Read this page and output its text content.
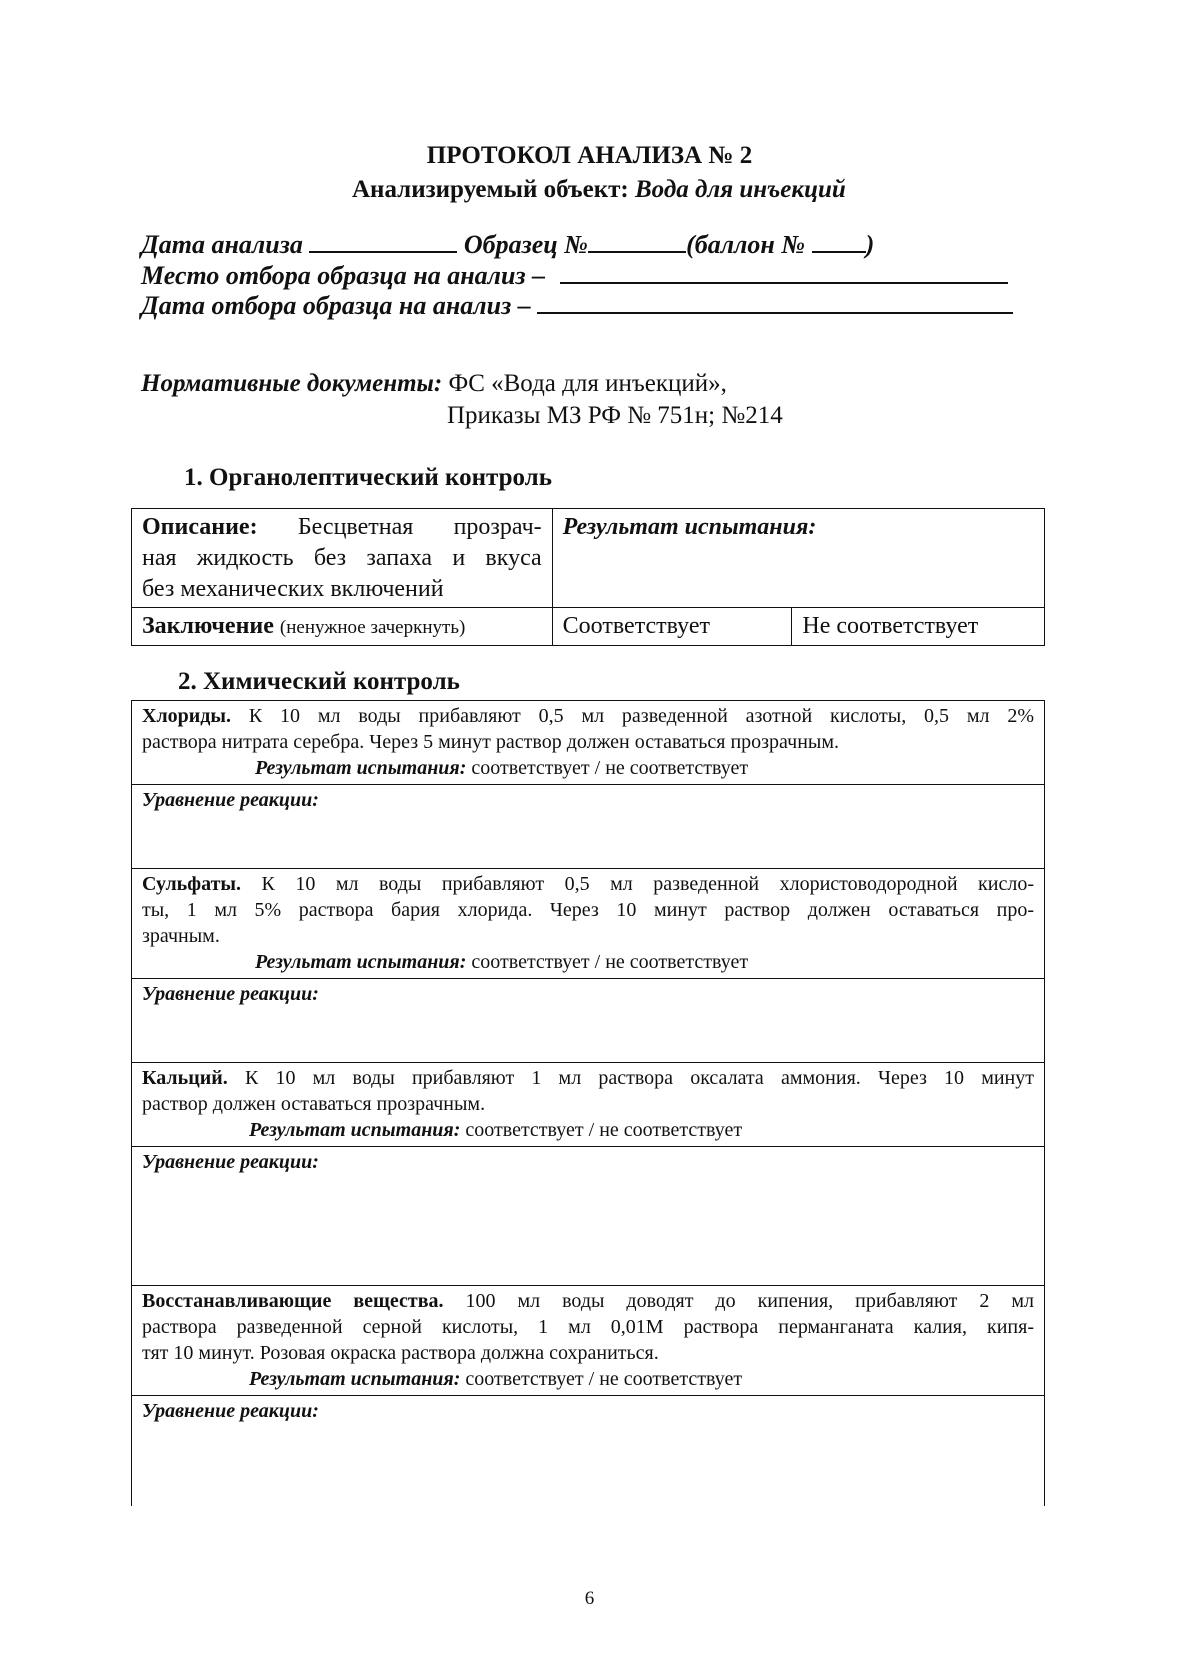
ПРОТОКОЛ АНАЛИЗА № 2
Анализируемый объект: Вода для инъекций
Дата анализа	Образец №	(баллон № )
Место отбора образца на анализ –
Дата отбора образца на анализ –
Нормативные документы: ФС «Вода для инъекций»,
Приказы МЗ РФ № 751н; №214
1. Органолептический контроль
Описание: Бесцветная прозрач-
ная жидкость без запаха и вкуса
без механических включений	Результат испытания:	
Заключение (ненужное зачеркнуть)	Соответствует	Не соответствует
2. Химический контроль
Хлориды. К 10 мл воды прибавляют 0,5 мл разведенной азотной кислоты, 0,5 мл 2%
раствора нитрата серебра. Через 5 минут раствор должен оставаться прозрачным.
Результат испытания: соответствует / не соответствует

Уравнение реакции:

Сульфаты. К 10 мл воды прибавляют 0,5 мл разведенной хлористоводородной кисло-
ты, 1 мл 5% раствора бария хлорида. Через 10 минут раствор должен оставаться про-
зрачным.
Результат испытания: соответствует / не соответствует

Уравнение реакции:

Кальций. К 10 мл воды прибавляют 1 мл раствора оксалата аммония. Через 10 минут
раствор должен оставаться прозрачным.
Результат испытания: соответствует / не соответствует

Уравнение реакции:

Восстанавливающие вещества. 100 мл воды доводят до кипения, прибавляют 2 мл
раствора разведенной серной кислоты, 1 мл 0,01М раствора перманганата калия, кипя-
тят 10 минут. Розовая окраска раствора должна сохраниться.
Результат испытания: соответствует / не соответствует

Уравнение реакции:
6
